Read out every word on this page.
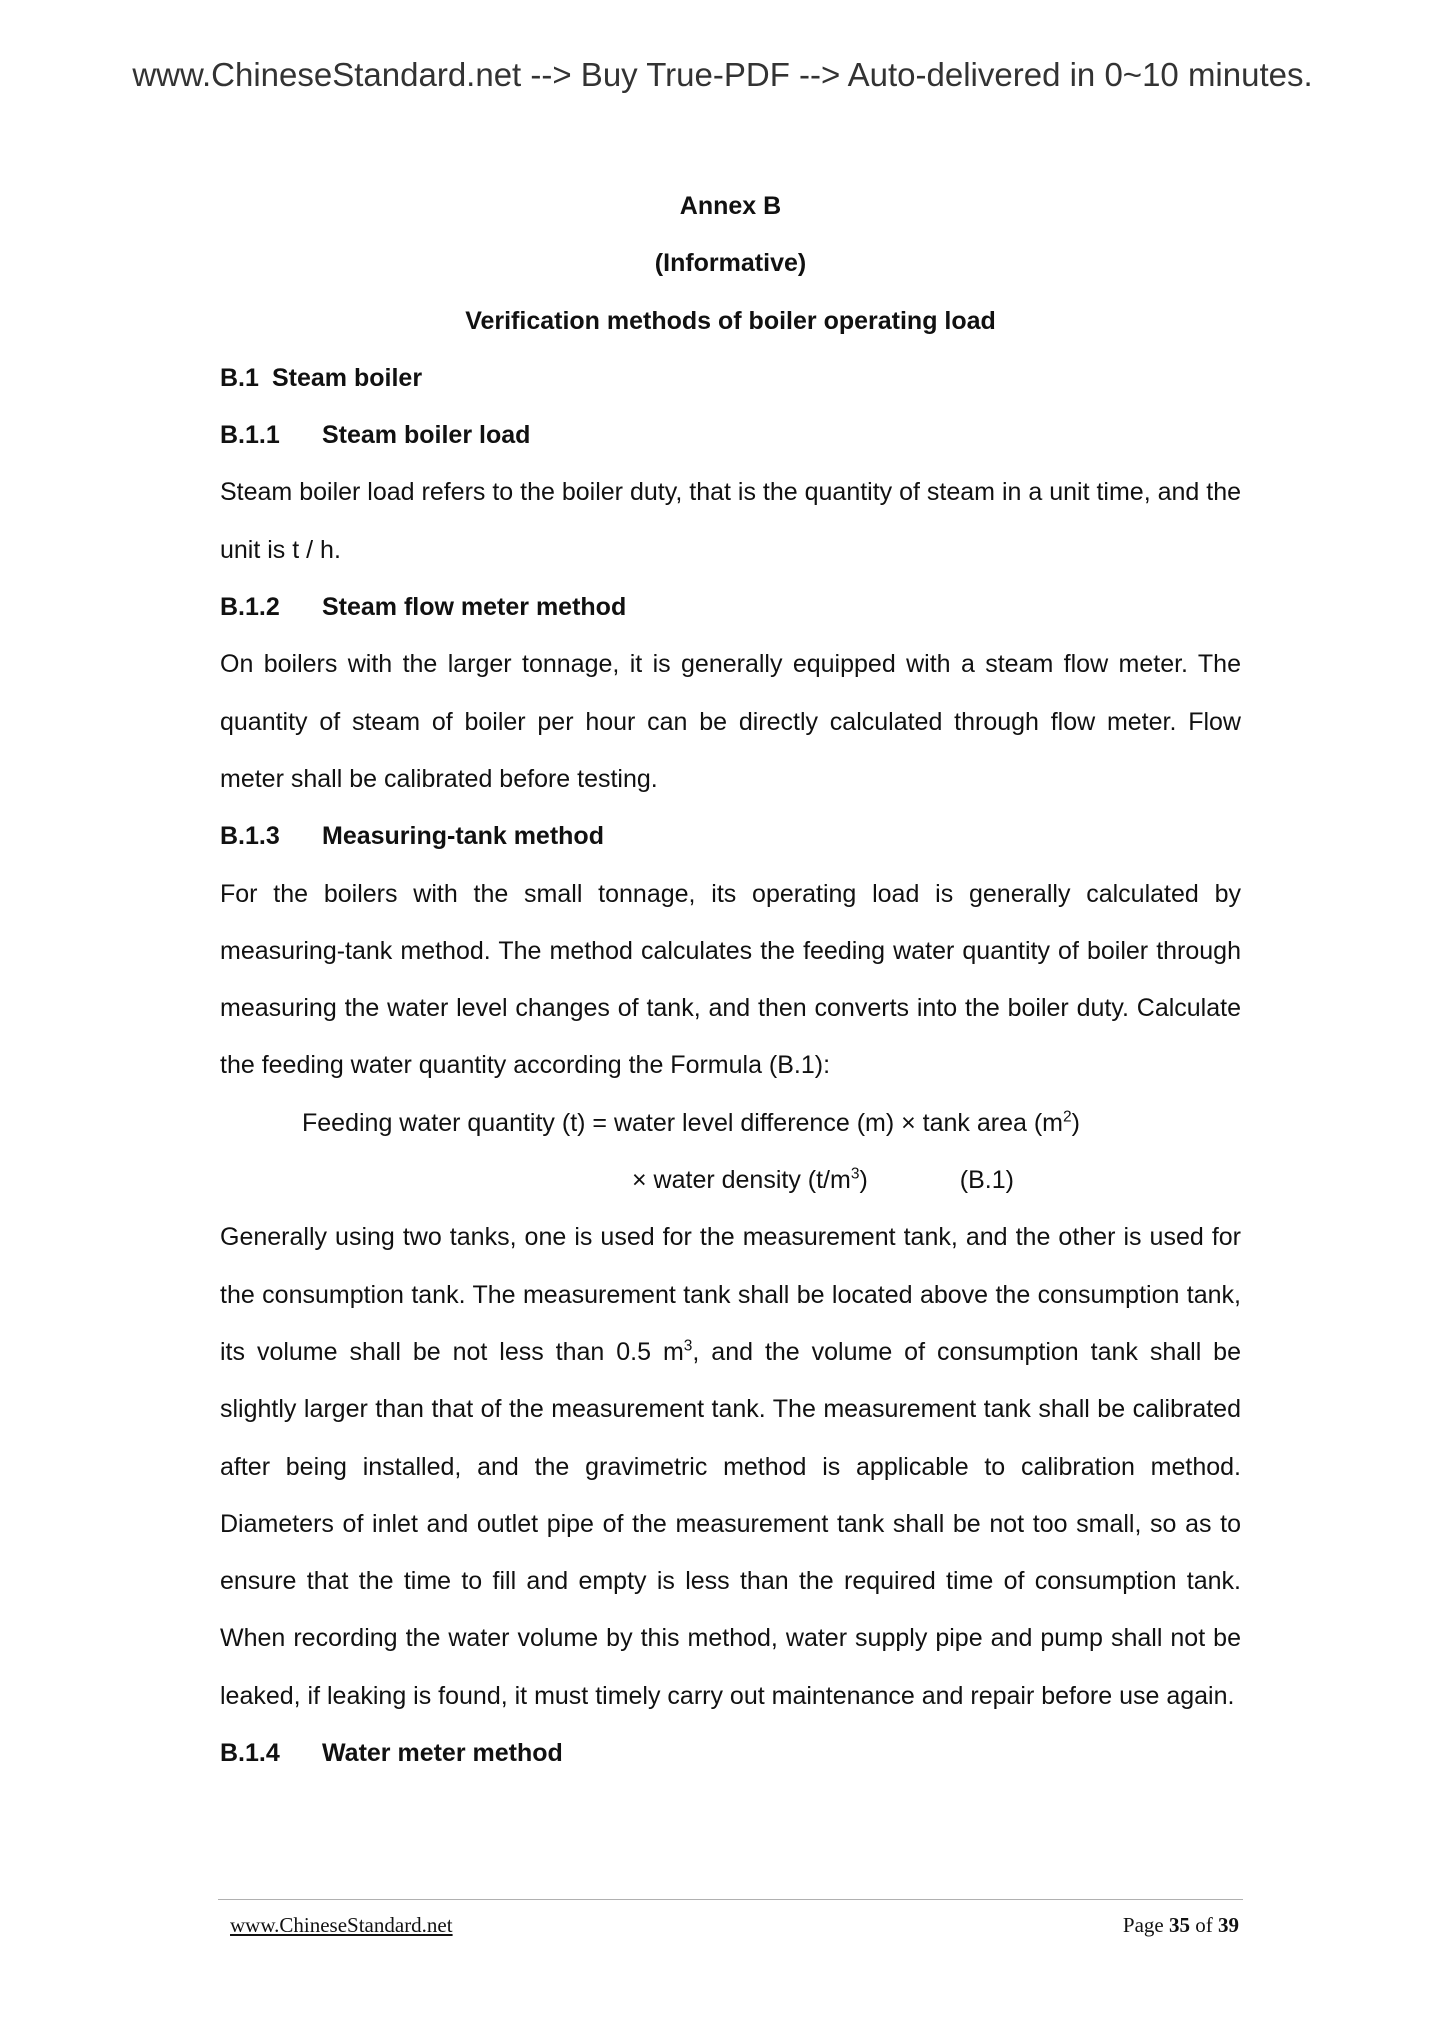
www.ChineseStandard.net --> Buy True-PDF --> Auto-delivered in 0~10 minutes.
Annex B
(Informative)
Verification methods of boiler operating load
B.1 Steam boiler
B.1.1 Steam boiler load
Steam boiler load refers to the boiler duty, that is the quantity of steam in a unit time, and the unit is t / h.
B.1.2 Steam flow meter method
On boilers with the larger tonnage, it is generally equipped with a steam flow meter. The quantity of steam of boiler per hour can be directly calculated through flow meter. Flow meter shall be calibrated before testing.
B.1.3 Measuring-tank method
For the boilers with the small tonnage, its operating load is generally calculated by measuring-tank method. The method calculates the feeding water quantity of boiler through measuring the water level changes of tank, and then converts into the boiler duty. Calculate the feeding water quantity according the Formula (B.1):
Feeding water quantity (t) = water level difference (m) × tank area $(m^2)$
× water density $(t/m^3)$	(B.1)
Generally using two tanks, one is used for the measurement tank, and the other is used for the consumption tank. The measurement tank shall be located above the consumption tank, its volume shall be not less than 0.5 $m^3$, and the volume of consumption tank shall be slightly larger than that of the measurement tank. The measurement tank shall be calibrated after being installed, and the gravimetric method is applicable to calibration method. Diameters of inlet and outlet pipe of the measurement tank shall be not too small, so as to ensure that the time to fill and empty is less than the required time of consumption tank. When recording the water volume by this method, water supply pipe and pump shall not be leaked, if leaking is found, it must timely carry out maintenance and repair before use again.
B.1.4 Water meter method
www.ChineseStandard.net	Page 35 of 39
